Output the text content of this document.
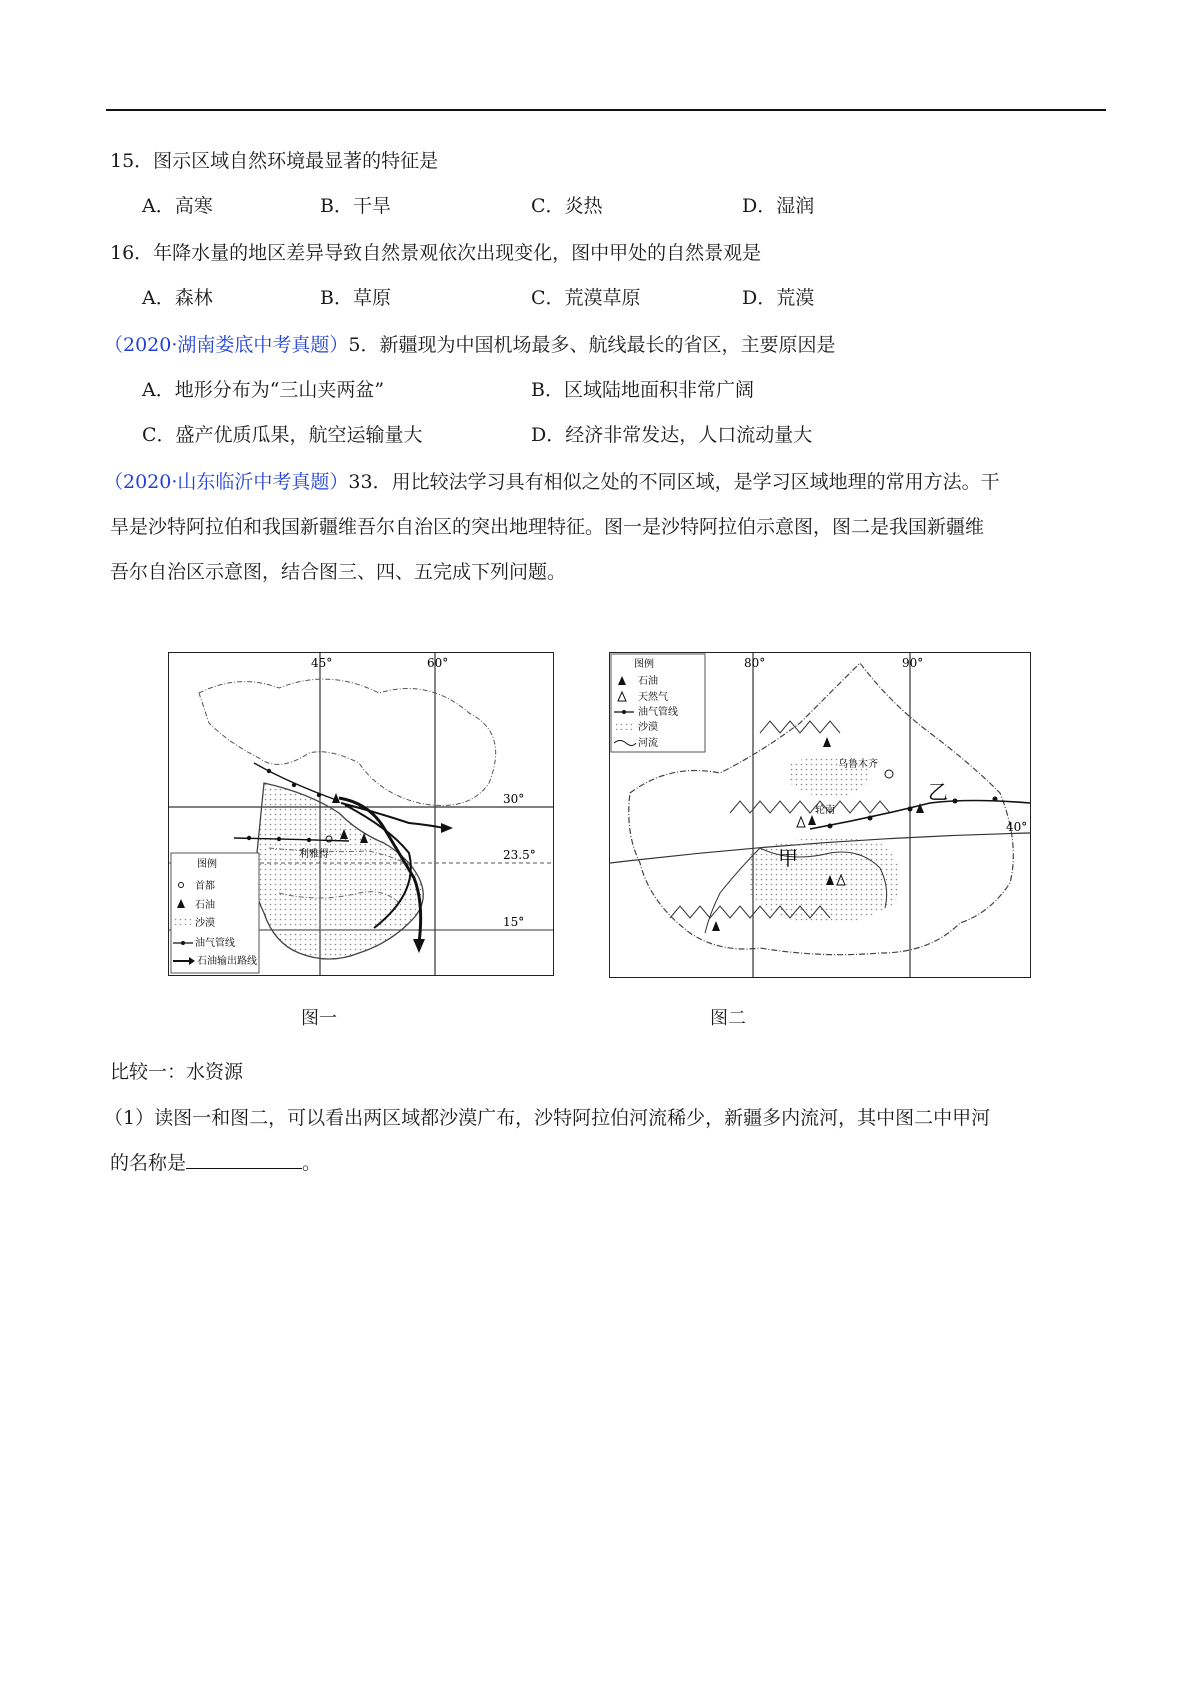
15．图示区域自然环境最显著的特征是
A．高寒	B．干旱	C．炎热	D．湿润
16．年降水量的地区差异导致自然景观依次出现变化，图中甲处的自然景观是
A．森林	B．草原	C．荒漠草原	D．荒漠
（2020·湖南娄底中考真题）5．新疆现为中国机场最多、航线最长的省区，主要原因是
A．地形分布为“三山夹两盆”	B．区域陆地面积非常广阔
C．盛产优质瓜果，航空运输量大	D．经济非常发达，人口流动量大
（2020·山东临沂中考真题）33．用比较法学习具有相似之处的不同区域，是学习区域地理的常用方法。干
旱是沙特阿拉伯和我国新疆维吾尔自治区的突出地理特征。图一是沙特阿拉伯示意图，图二是我国新疆维
吾尔自治区示意图，结合图三、四、五完成下列问题。
45°	60°
30°
23.5°
15°
利雅得
图例
首都
石油
沙漠
油气管线
石油输出路线
图一
80°	90°
40°
乌鲁木齐
轮南
甲
乙
图例
石油
天然气
油气管线
沙漠
河流
图二
比较一：水资源
（1）读图一和图二，可以看出两区域都沙漠广布，沙特阿拉伯河流稀少，新疆多内流河，其中图二中甲河
的名称是	。
